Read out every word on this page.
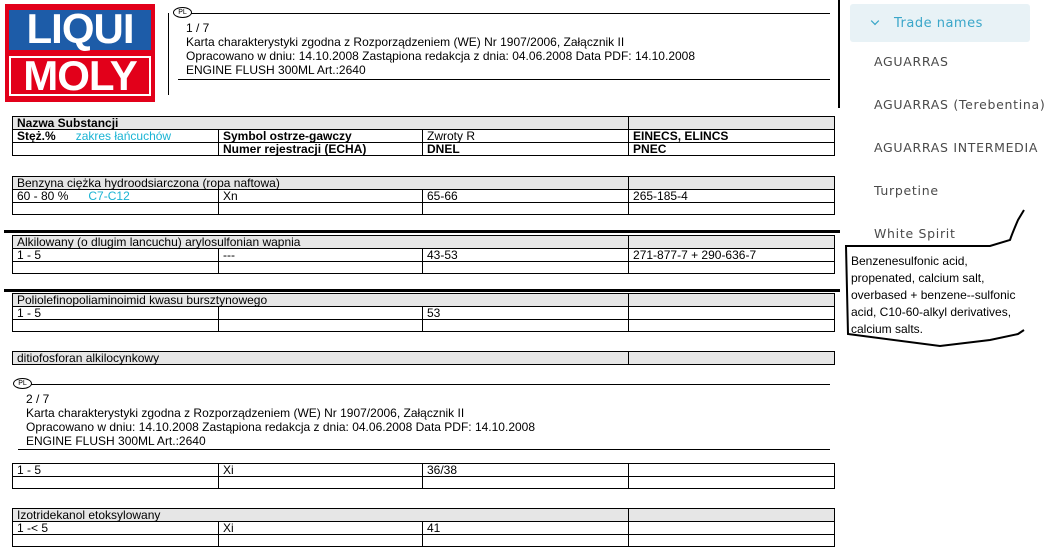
LIQUI
MOLY
PL
1 / 7
Karta charakterystyki zgodna z Rozporządzeniem (WE) Nr 1907/2006, Załącznik II
Opracowano w dniu: 14.10.2008 Zastąpiona redakcja z dnia: 04.06.2008 Data PDF: 14.10.2008
ENGINE FLUSH 300ML Art.:2640
Nazwa Substancji			
Stęż.% zakres łańcuchów	Symbol ostrze-gawczy	Zwroty R	EINECS, ELINCS
	Numer rejestracji (ECHA)	DNEL	PNEC
Benzyna ciężka hydroodsiarczona (ropa naftowa)			
60 - 80 % C7-C12	Xn	65-66	265-185-4

Alkilowany (o dlugim lancuchu) arylosulfonian wapnia			
1 - 5	---	43-53	271-877-7 + 290-636-7

Poliolefinopoliaminoimid kwasu bursztynowego			
1 - 5		53	

ditiofosforan alkilocynkowy	
PL
2 / 7
Karta charakterystyki zgodna z Rozporządzeniem (WE) Nr 1907/2006, Załącznik II
Opracowano w dniu: 14.10.2008 Zastąpiona redakcja z dnia: 04.06.2008 Data PDF: 14.10.2008
ENGINE FLUSH 300ML Art.:2640
1 - 5	Xi	36/38	

Izotridekanol etoksylowany			
1 -< 5	Xi	41	

Trade names
AGUARRAS
AGUARRAS (Terebentina)
AGUARRAS INTERMEDIA
Turpetine
White Spirit
Benzenesulfonic acid, propenated, calcium salt, overbased + benzene--sulfonic acid, C10-60-alkyl derivatives, calcium salts.
